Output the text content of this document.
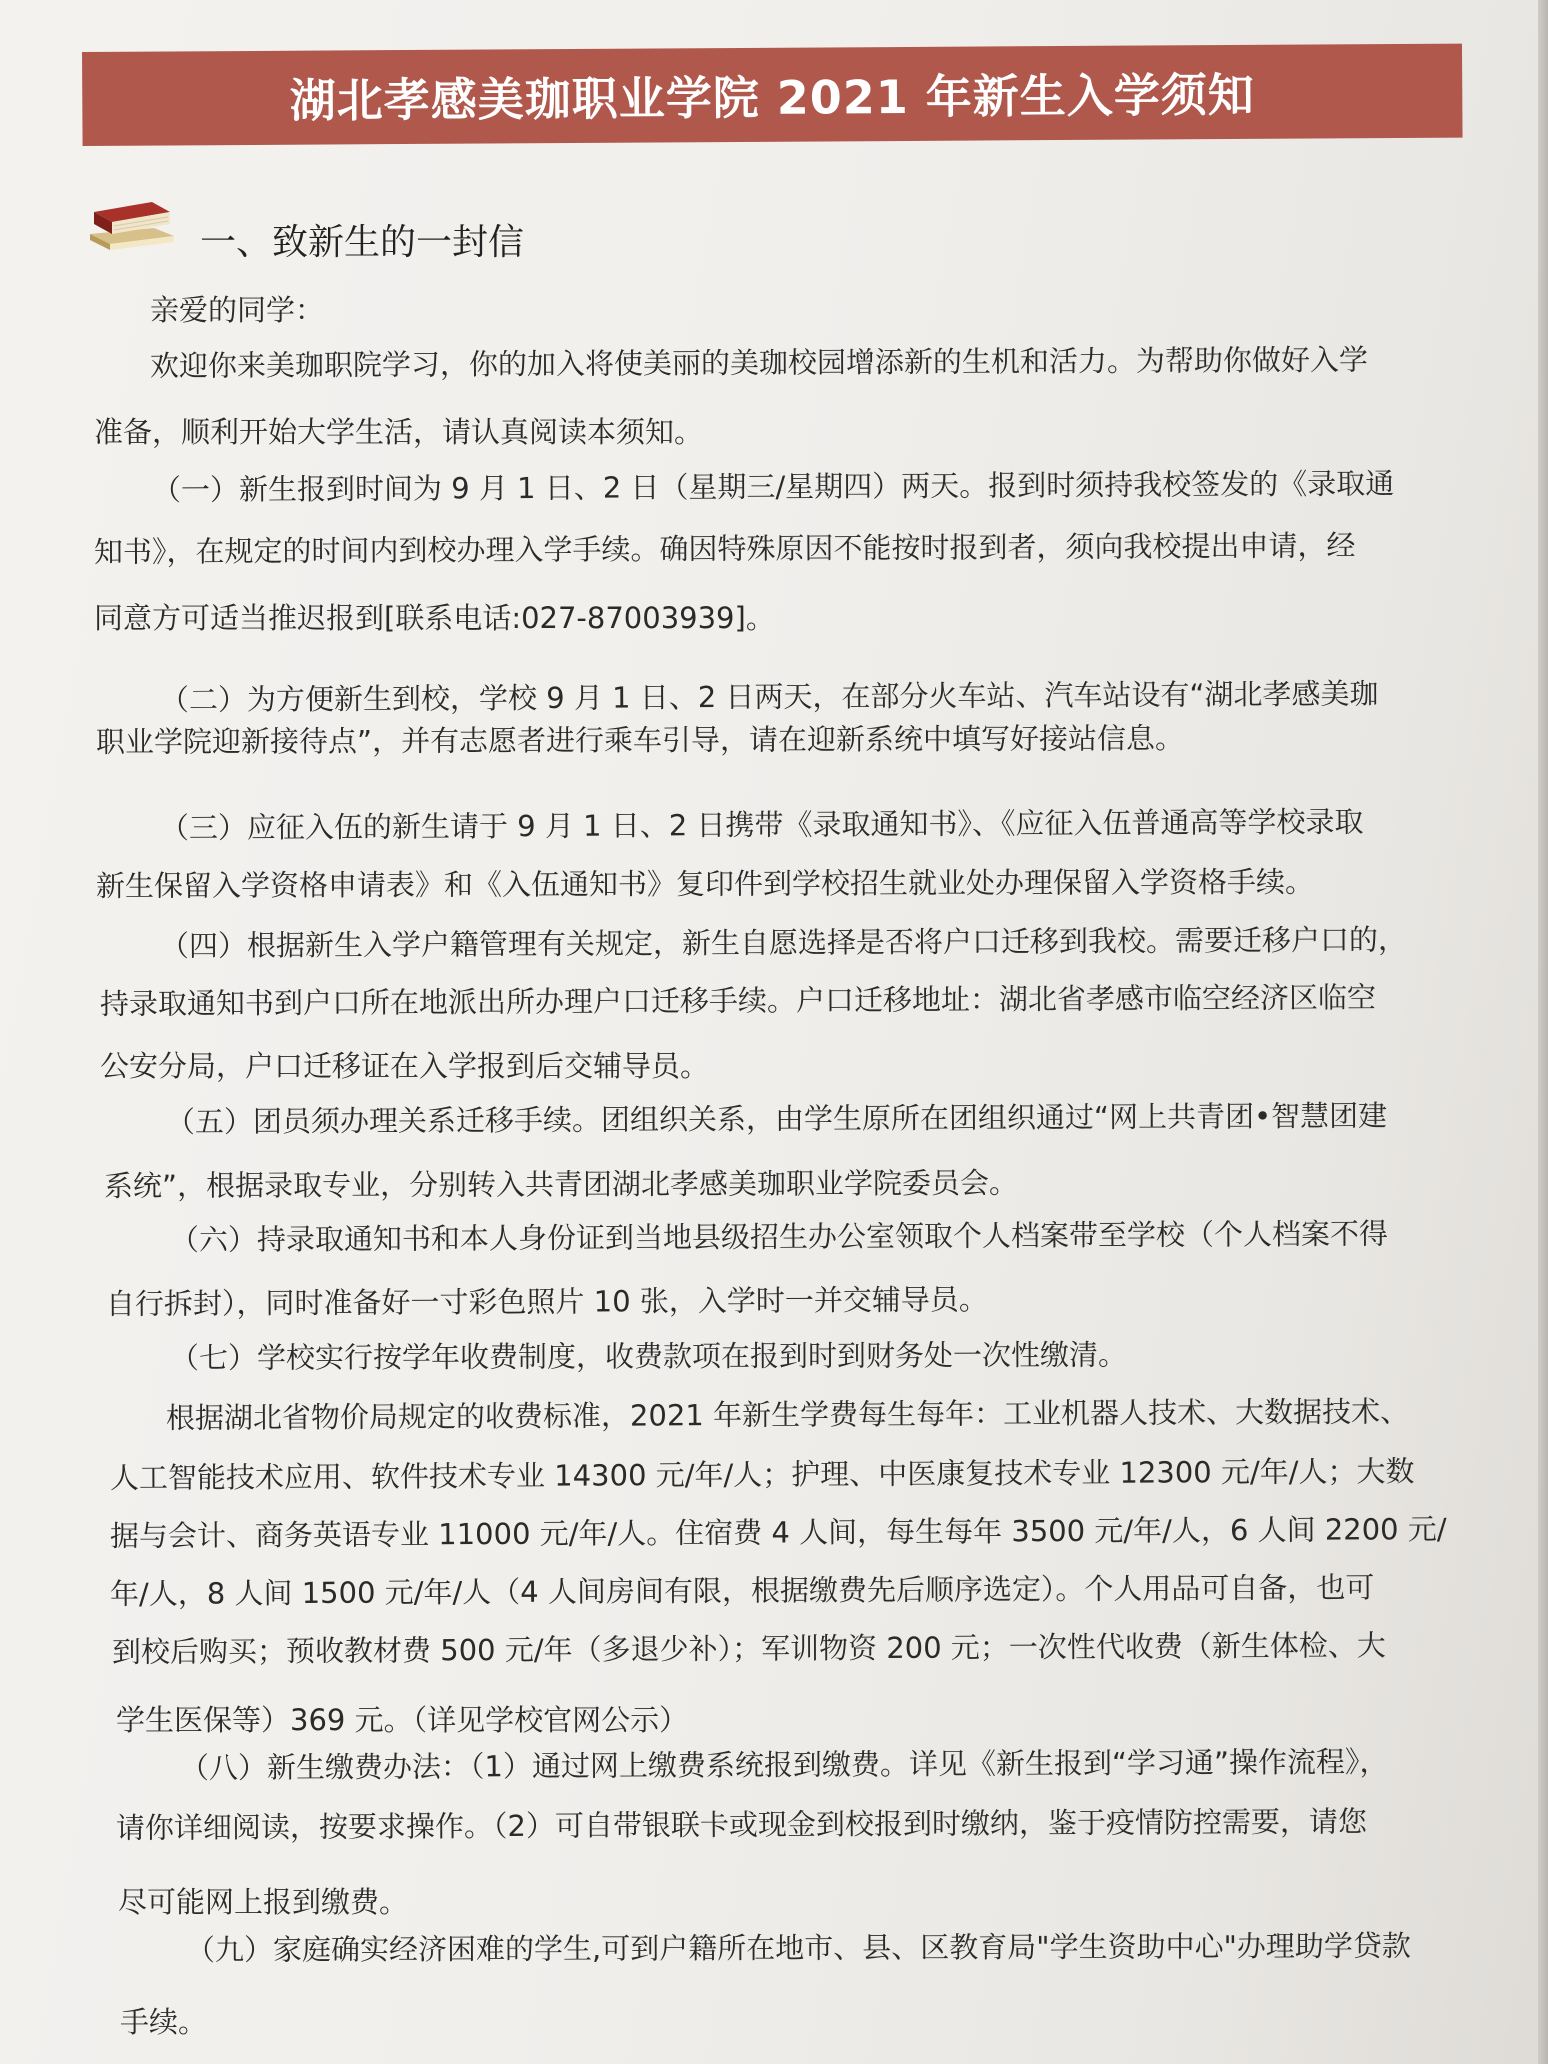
湖北孝感美珈职业学院 2021 年新生入学须知
一、致新生的一封信
亲爱的同学：
欢迎你来美珈职院学习，你的加入将使美丽的美珈校园增添新的生机和活力。为帮助你做好入学
准备，顺利开始大学生活，请认真阅读本须知。
（一）新生报到时间为 9 月 1 日、2 日（星期三/星期四）两天。报到时须持我校签发的《录取通
知书》，在规定的时间内到校办理入学手续。确因特殊原因不能按时报到者，须向我校提出申请，经
同意方可适当推迟报到[联系电话:027-87003939]。
（二）为方便新生到校，学校 9 月 1 日、2 日两天，在部分火车站、汽车站设有“湖北孝感美珈
职业学院迎新接待点”，并有志愿者进行乘车引导，请在迎新系统中填写好接站信息。
（三）应征入伍的新生请于 9 月 1 日、2 日携带《录取通知书》、《应征入伍普通高等学校录取
新生保留入学资格申请表》和《入伍通知书》复印件到学校招生就业处办理保留入学资格手续。
（四）根据新生入学户籍管理有关规定，新生自愿选择是否将户口迁移到我校。需要迁移户口的，
持录取通知书到户口所在地派出所办理户口迁移手续。户口迁移地址：湖北省孝感市临空经济区临空
公安分局，户口迁移证在入学报到后交辅导员。
（五）团员须办理关系迁移手续。团组织关系，由学生原所在团组织通过“网上共青团•智慧团建
系统”，根据录取专业，分别转入共青团湖北孝感美珈职业学院委员会。
（六）持录取通知书和本人身份证到当地县级招生办公室领取个人档案带至学校（个人档案不得
自行拆封），同时准备好一寸彩色照片 10 张，入学时一并交辅导员。
（七）学校实行按学年收费制度，收费款项在报到时到财务处一次性缴清。
根据湖北省物价局规定的收费标准，2021 年新生学费每生每年：工业机器人技术、大数据技术、
人工智能技术应用、软件技术专业 14300 元/年/人；护理、中医康复技术专业 12300 元/年/人；大数
据与会计、商务英语专业 11000 元/年/人。住宿费 4 人间，每生每年 3500 元/年/人，6 人间 2200 元/
年/人，8 人间 1500 元/年/人（4 人间房间有限，根据缴费先后顺序选定）。个人用品可自备，也可
到校后购买；预收教材费 500 元/年（多退少补）；军训物资 200 元；一次性代收费（新生体检、大
学生医保等）369 元。（详见学校官网公示）
（八）新生缴费办法：（1）通过网上缴费系统报到缴费。详见《新生报到“学习通”操作流程》，
请你详细阅读，按要求操作。（2）可自带银联卡或现金到校报到时缴纳，鉴于疫情防控需要，请您
尽可能网上报到缴费。
（九）家庭确实经济困难的学生,可到户籍所在地市、县、区教育局"学生资助中心"办理助学贷款
手续。
